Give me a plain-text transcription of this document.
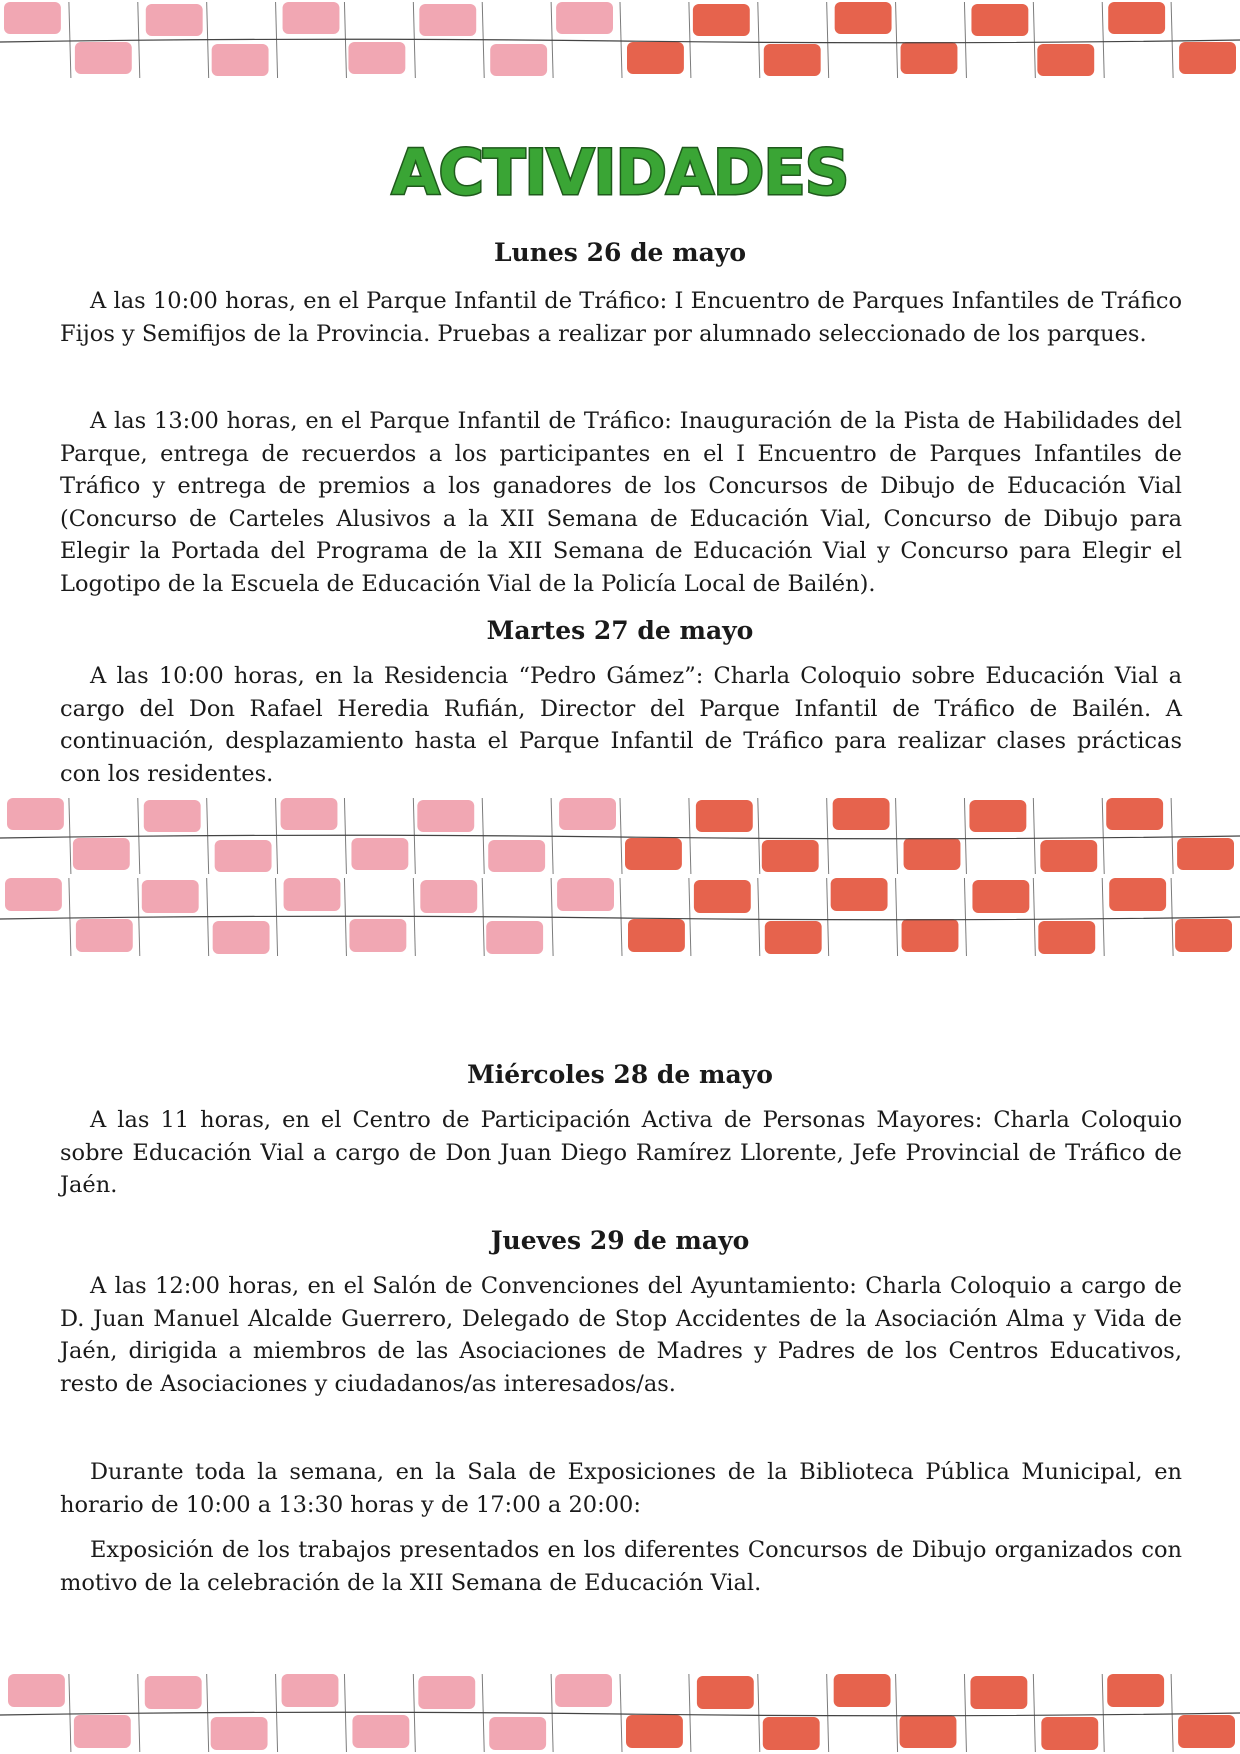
ACTIVIDADES
Lunes 26 de mayo

A las 10:00 horas, en el Parque Infantil de Tráfico: I Encuentro de Parques Infantiles de Tráfico Fijos y Semifijos de la Provincia. Pruebas a realizar por alumnado seleccionado de los parques.

A las 13:00 horas, en el Parque Infantil de Tráfico: Inauguración de la Pista de Habilidades del Parque, entrega de recuerdos a los participantes en el I Encuentro de Parques Infantiles de Tráfico y entrega de premios a los ganadores de los Concursos de Dibujo de Educación Vial (Concurso de Carteles Alusivos a la XII Semana de Educación Vial, Concurso de Dibujo para Elegir la Portada del Programa de la XII Semana de Educación Vial y Concurso para Elegir el Logotipo de la Escuela de Educación Vial de la Policía Local de Bailén).

Martes 27 de mayo

A las 10:00 horas, en la Residencia “Pedro Gámez”: Charla Coloquio sobre Educación Vial a cargo del Don Rafael Heredia Rufián, Director del Parque Infantil de Tráfico de Bailén. A continuación, desplazamiento hasta el Parque Infantil de Tráfico para realizar clases prácticas con los residentes.

Miércoles 28 de mayo

A las 11 horas, en el Centro de Participación Activa de Personas Mayores: Charla Coloquio sobre Educación Vial a cargo de Don Juan Diego Ramírez Llorente, Jefe Provincial de Tráfico de Jaén.

Jueves 29 de mayo

A las 12:00 horas, en el Salón de Convenciones del Ayuntamiento: Charla Coloquio a cargo de D. Juan Manuel Alcalde Guerrero, Delegado de Stop Accidentes de la Asociación Alma y Vida de Jaén, dirigida a miembros de las Asociaciones de Madres y Padres de los Centros Educativos, resto de Asociaciones y ciudadanos/as interesados/as.

Durante toda la semana, en la Sala de Exposiciones de la Biblioteca Pública Municipal, en horario de 10:00 a 13:30 horas y de 17:00 a 20:00:

Exposición de los trabajos presentados en los diferentes Concursos de Dibujo organizados con motivo de la celebración de la XII Semana de Educación Vial.
